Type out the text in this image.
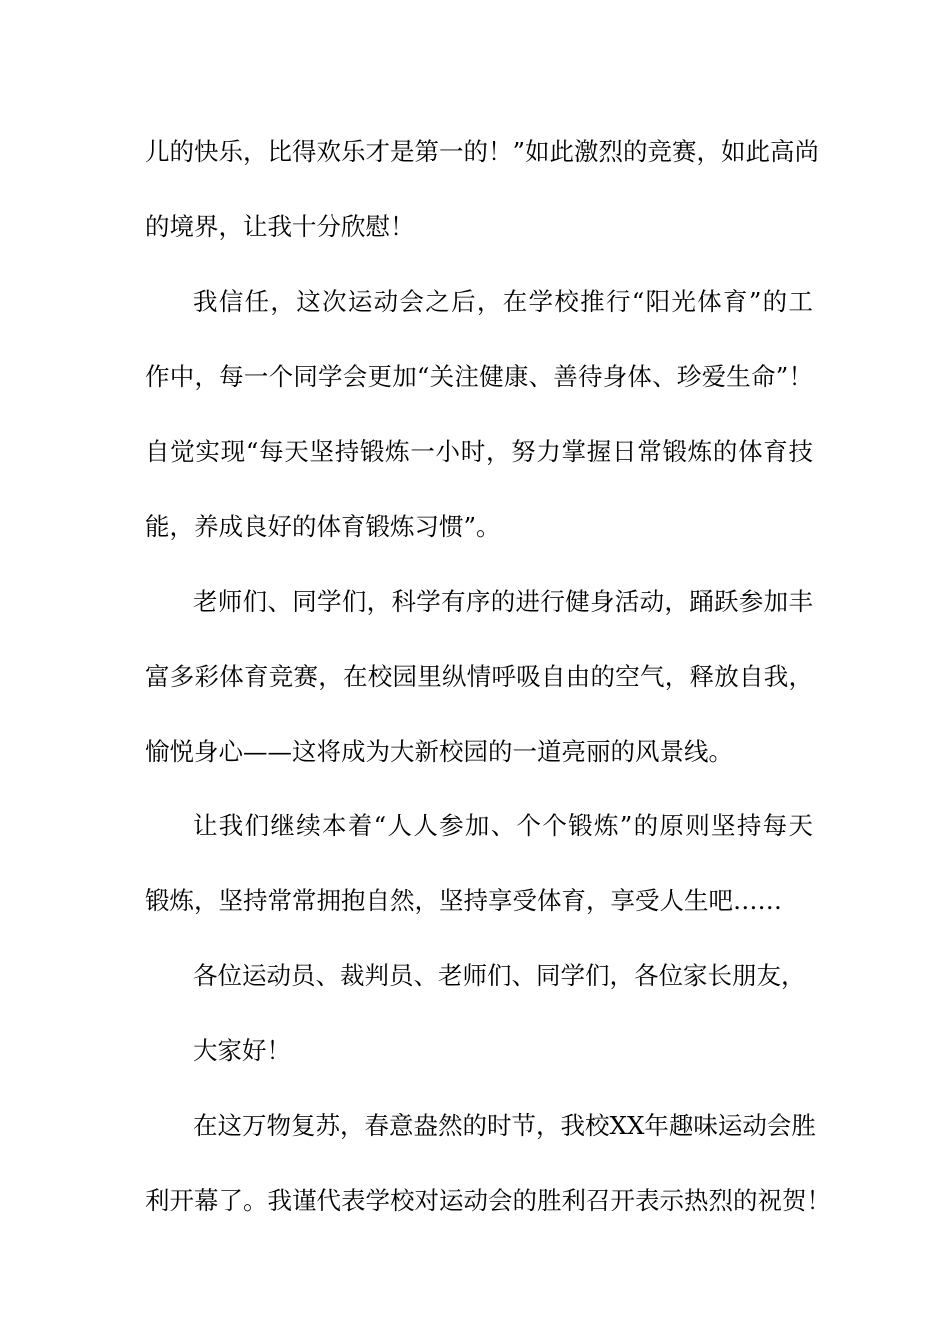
儿的快乐，比得欢乐才是第一的！”如此激烈的竞赛，如此高尚
的境界，让我十分欣慰！
我信任，这次运动会之后，在学校推行“阳光体育”的工
作中，每一个同学会更加“关注健康、善待身体、珍爱生命”！
自觉实现“每天坚持锻炼一小时，努力掌握日常锻炼的体育技
能，养成良好的体育锻炼习惯”。
老师们、同学们，科学有序的进行健身活动，踊跃参加丰
富多彩体育竞赛，在校园里纵情呼吸自由的空气，释放自我，
愉悦身心——这将成为大新校园的一道亮丽的风景线。
让我们继续本着“人人参加、个个锻炼”的原则坚持每天
锻炼，坚持常常拥抱自然，坚持享受体育，享受人生吧……
各位运动员、裁判员、老师们、同学们，各位家长朋友，
大家好！
在这万物复苏，春意盎然的时节，我校XX年趣味运动会胜
利开幕了。我谨代表学校对运动会的胜利召开表示热烈的祝贺！
